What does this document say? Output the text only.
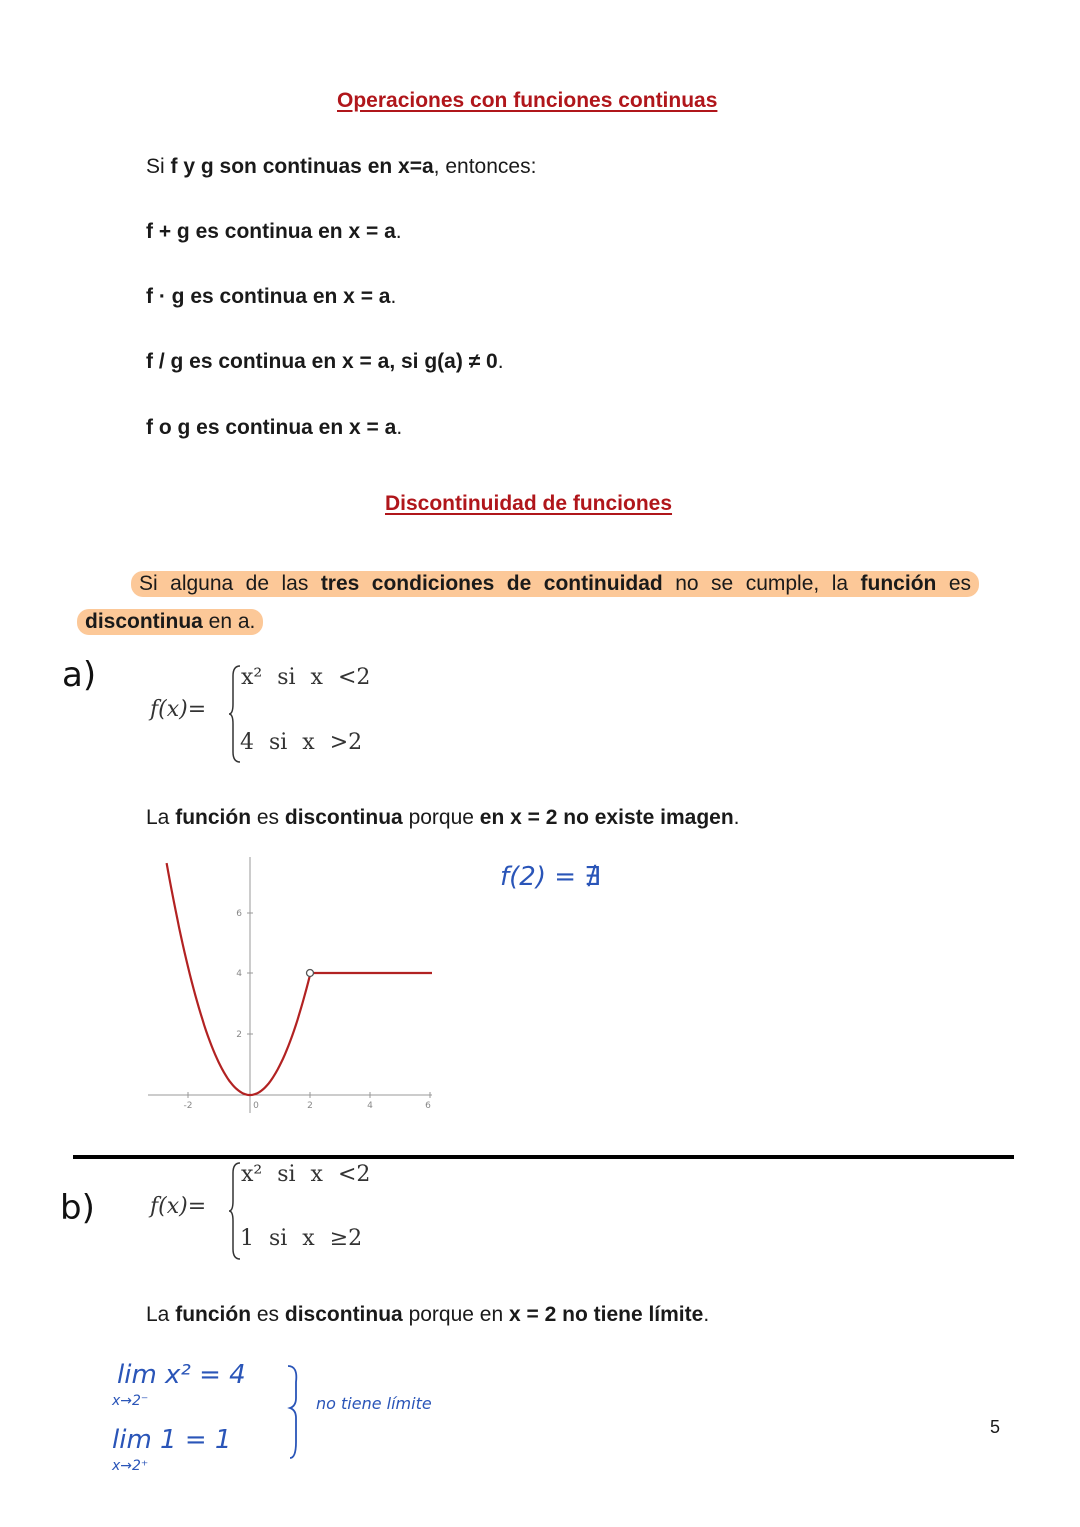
Operaciones con funciones continuas
Si f y g son continuas en x=a, entonces:
f + g es continua en x = a.
f · g es continua en x = a.
f / g es continua en x = a, si g(a) ≠ 0.
f o g es continua en x = a.
Discontinuidad de funciones
Si alguna de las tres condiciones de continuidad no se cumple, la función es
discontinua en a.
a)
f(x)=
x² si x <2
4 si x >2
La función es discontinua porque en x = 2 no existe imagen.
f(2) = ∄
-2	0	2	4	6
2
4
6
b)	f(x)=
x² si x <2
1 si x ≥2
La función es discontinua porque en x = 2 no tiene límite.
lim x² = 4
x→2⁻
lim 1 = 1
x→2⁺
no tiene límite
5
